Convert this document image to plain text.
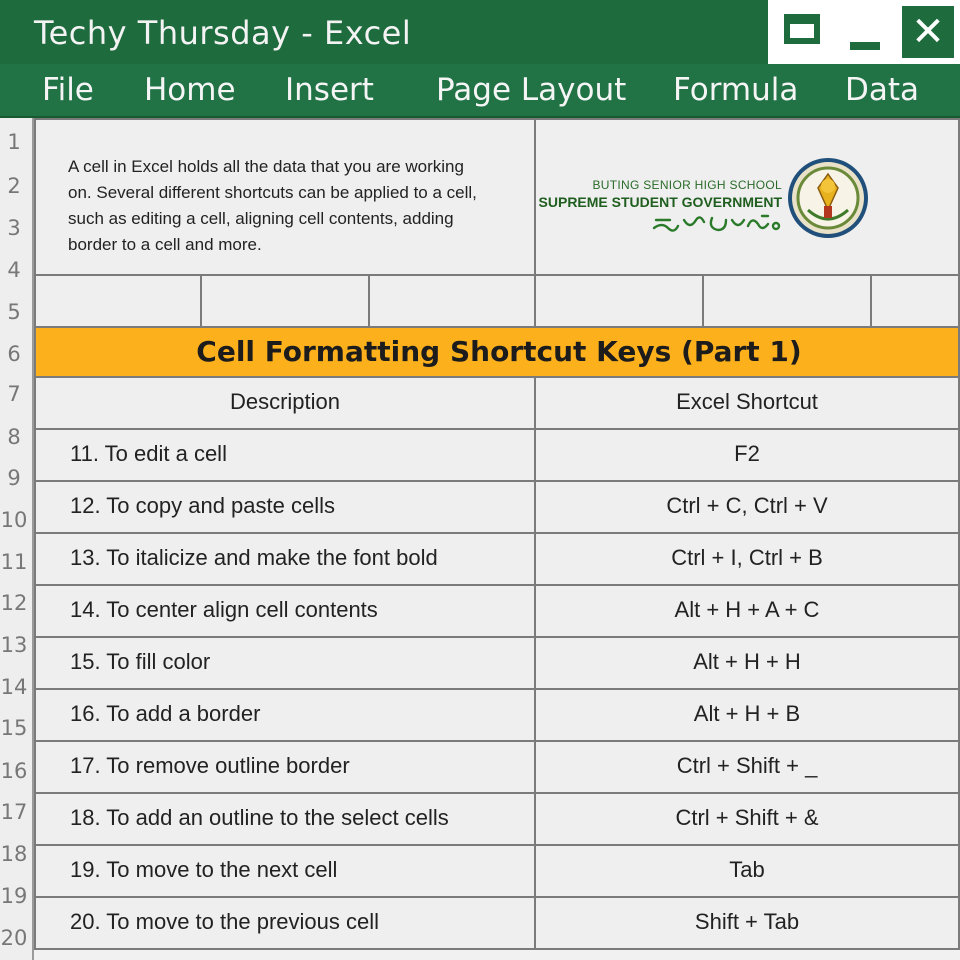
Techy Thursday - Excel	✕
File Home Insert Page Layout Formula Data
1
2
3
4
5
6
7
8
9
10
11
12
13
14
15
16
17
18
19
20
A cell in Excel holds all the data that you are working on. Several different shortcuts can be applied to a cell, such as editing a cell, aligning cell contents, adding border to a cell and more.
BUTING SENIOR HIGH SCHOOL
SUPREME STUDENT GOVERNMENT
Cell Formatting Shortcut Keys (Part 1)
Description	Excel Shortcut
11. To edit a cell	F2
12. To copy and paste cells	Ctrl + C, Ctrl + V
13. To italicize and make the font bold	Ctrl + I, Ctrl + B
14. To center align cell contents	Alt + H + A + C
15. To fill color	Alt + H + H
16. To add a border	Alt + H + B
17. To remove outline border	Ctrl + Shift + _
18. To add an outline to the select cells	Ctrl + Shift + &
19. To move to the next cell	Tab
20. To move to the previous cell	Shift + Tab
